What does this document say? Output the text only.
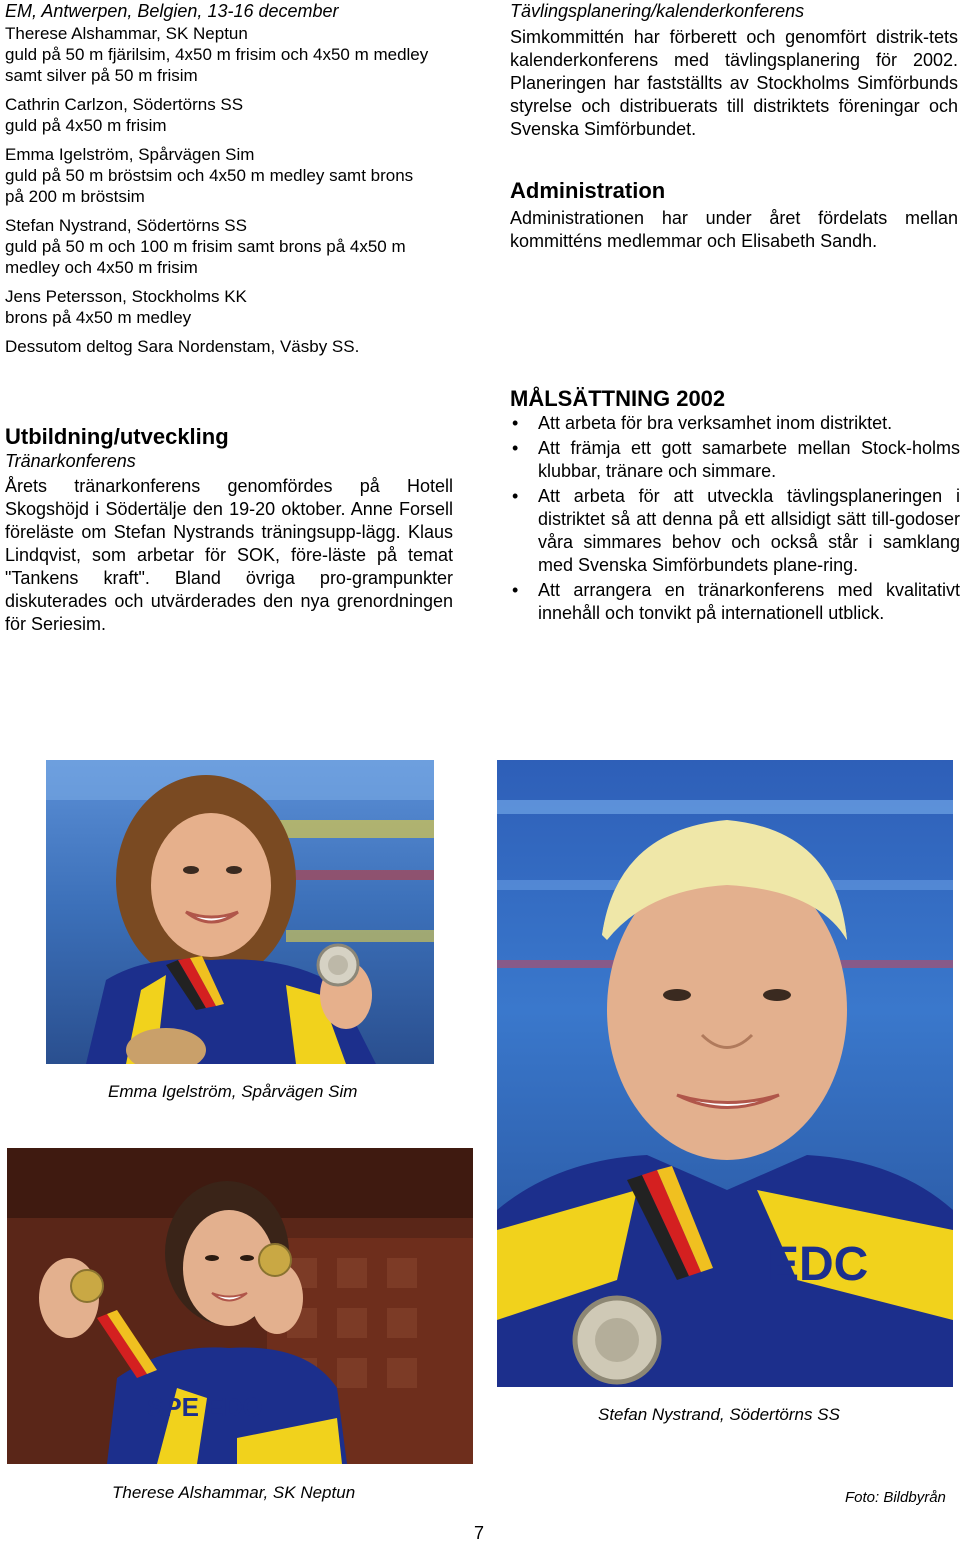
EM, Antwerpen, Belgien, 13-16 december
Therese Alshammar, SK Neptun
guld på 50 m fjärilsim, 4x50 m frisim och 4x50 m medley
samt silver på 50 m frisim
Cathrin Carlzon, Södertörns SS
guld på 4x50 m frisim
Emma Igelström, Spårvägen Sim
guld på 50 m bröstsim och 4x50 m medley samt brons
på 200 m bröstsim
Stefan Nystrand, Södertörns SS
guld på 50 m och 100 m frisim samt brons på 4x50 m
medley och 4x50 m frisim
Jens Petersson, Stockholms KK
brons på 4x50 m medley
Dessutom deltog Sara Nordenstam, Väsby SS.
Utbildning/utveckling
Tränarkonferens
Årets tränarkonferens genomfördes på Hotell Skogshöjd i Södertälje den 19-20 oktober. Anne Forsell föreläste om Stefan Nystrands träningsupp-lägg. Klaus Lindqvist, som arbetar för SOK, före-läste på temat "Tankens kraft". Bland övriga pro-grampunkter diskuterades och utvärderades den nya grenordningen för Seriesim.
Tävlingsplanering/kalenderkonferens
Simkommittén har förberett och genomfört distrik-tets kalenderkonferens med tävlingsplanering för 2002. Planeringen har fastställts av Stockholms Simförbunds styrelse och distribuerats till distriktets föreningar och Svenska Simförbundet.
Administration
Administrationen har under året fördelats mellan kommitténs medlemmar och Elisabeth Sandh.
MÅLSÄTTNING 2002
• Att arbeta för bra verksamhet inom distriktet.
• Att främja ett gott samarbete mellan Stock-holms klubbar, tränare och simmare.
• Att arbeta för att utveckla tävlingsplaneringen i distriktet så att denna på ett allsidigt sätt till-godoser våra simmares behov och också står i samklang med Svenska Simförbundets plane-ring.
• Att arrangera en tränarkonferens med kvalitativt innehåll och tonvikt på internationell utblick.
Emma Igelström, Spårvägen Sim
EDC
Stefan Nystrand, Södertörns SS
SPE EDO
Therese Alshammar, SK Neptun	Foto: Bildbyrån
7
